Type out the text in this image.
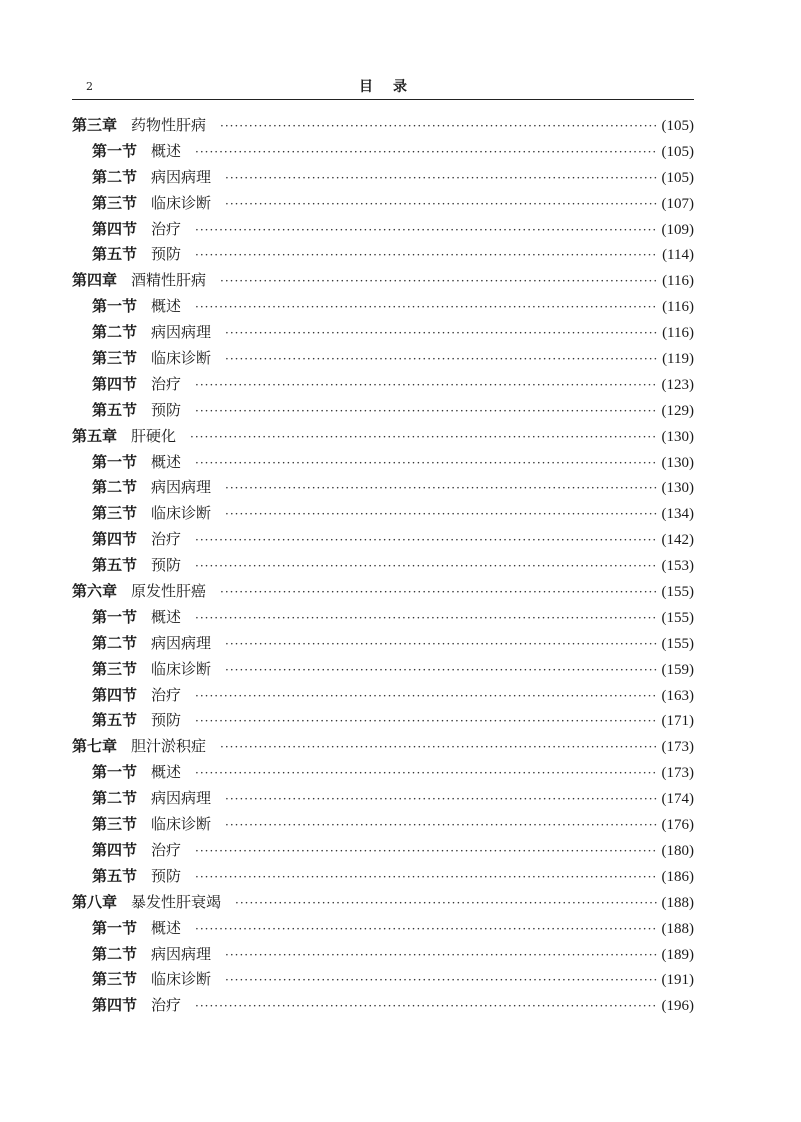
2	目录
第三章 药物性肝病 ·····	(105)
第一节 概述 ·····	(105)
第二节 病因病理 ·····	(105)
第三节 临床诊断 ·····	(107)
第四节 治疗 ·····	(109)
第五节 预防 ·····	(114)
第四章 酒精性肝病 ·····	(116)
第一节 概述 ·····	(116)
第二节 病因病理 ·····	(116)
第三节 临床诊断 ·····	(119)
第四节 治疗 ·····	(123)
第五节 预防 ·····	(129)
第五章 肝硬化 ·····	(130)
第一节 概述 ·····	(130)
第二节 病因病理 ·····	(130)
第三节 临床诊断 ·····	(134)
第四节 治疗 ·····	(142)
第五节 预防 ·····	(153)
第六章 原发性肝癌 ·····	(155)
第一节 概述 ·····	(155)
第二节 病因病理 ·····	(155)
第三节 临床诊断 ·····	(159)
第四节 治疗 ·····	(163)
第五节 预防 ·····	(171)
第七章 胆汁淤积症 ·····	(173)
第一节 概述 ·····	(173)
第二节 病因病理 ·····	(174)
第三节 临床诊断 ·····	(176)
第四节 治疗 ·····	(180)
第五节 预防 ·····	(186)
第八章 暴发性肝衰竭 ·····	(188)
第一节 概述 ·····	(188)
第二节 病因病理 ·····	(189)
第三节 临床诊断 ·····	(191)
第四节 治疗 ·····	(196)
